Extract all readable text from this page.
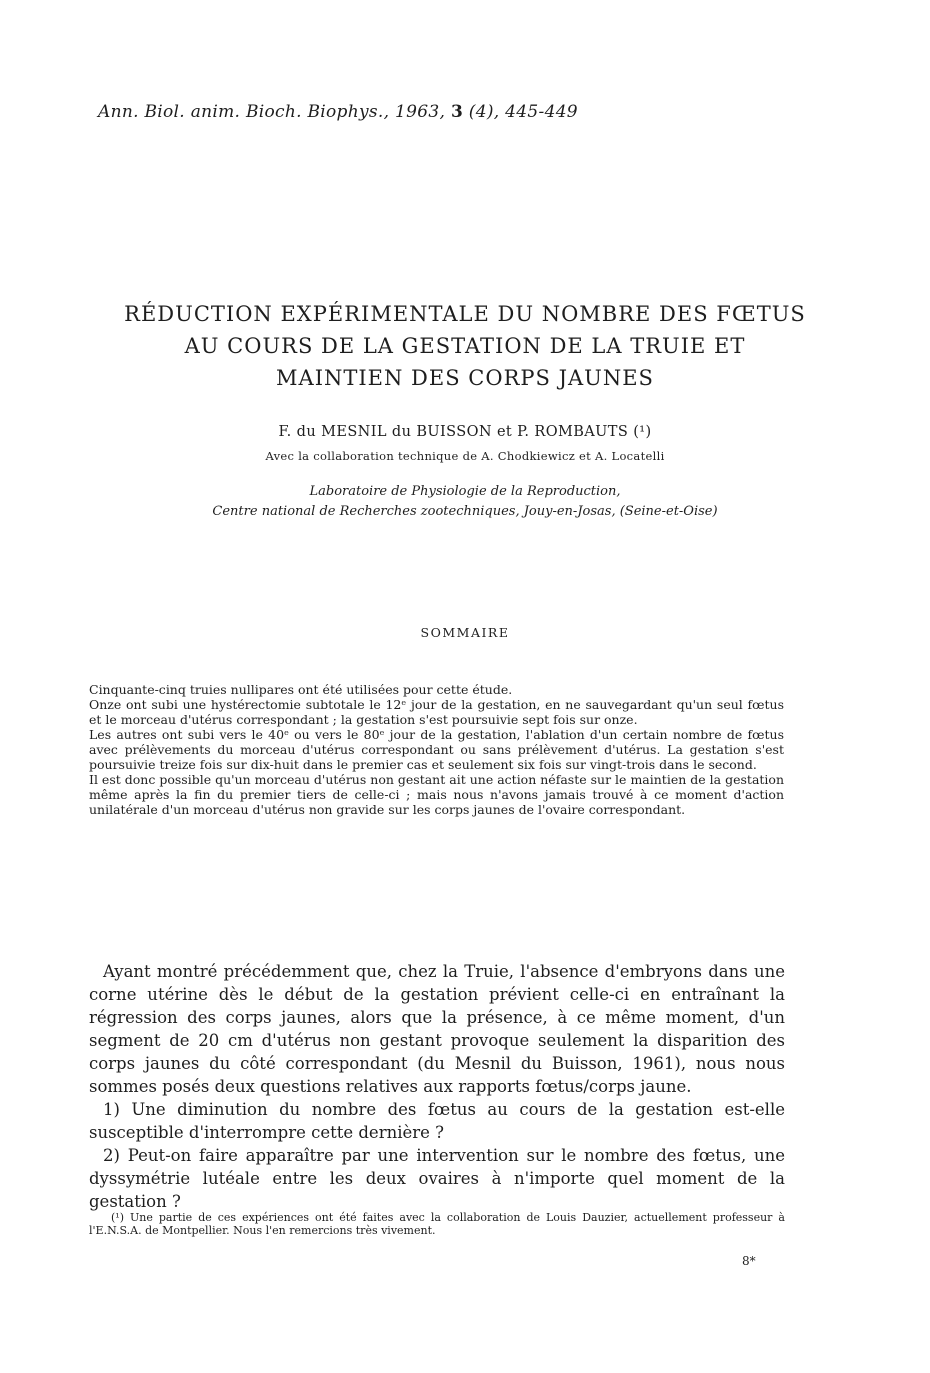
Ann. Biol. anim. Bioch. Biophys., 1963, 3 (4), 445-449
RÉDUCTION EXPÉRIMENTALE DU NOMBRE DES FŒTUS
AU COURS DE LA GESTATION DE LA TRUIE ET
MAINTIEN DES CORPS JAUNES
F. du MESNIL du BUISSON et P. ROMBAUTS (¹)
Avec la collaboration technique de A. Chodkiewicz et A. Locatelli
Laboratoire de Physiologie de la Reproduction,
Centre national de Recherches zootechniques, Jouy-en-Josas, (Seine-et-Oise)
SOMMAIRE

Cinquante-cinq truies nullipares ont été utilisées pour cette étude.

Onze ont subi une hystérectomie subtotale le 12ᵉ jour de la gestation, en ne sauvegardant qu'un seul fœtus et le morceau d'utérus correspondant ; la gestation s'est poursuivie sept fois sur onze.

Les autres ont subi vers le 40ᵉ ou vers le 80ᵉ jour de la gestation, l'ablation d'un certain nombre de fœtus avec prélèvements du morceau d'utérus correspondant ou sans prélèvement d'utérus. La gestation s'est poursuivie treize fois sur dix-huit dans le premier cas et seulement six fois sur vingt-trois dans le second.

Il est donc possible qu'un morceau d'utérus non gestant ait une action néfaste sur le maintien de la gestation même après la fin du premier tiers de celle-ci ; mais nous n'avons jamais trouvé à ce moment d'action unilatérale d'un morceau d'utérus non gravide sur les corps jaunes de l'ovaire correspondant.

Ayant montré précédemment que, chez la Truie, l'absence d'embryons dans une corne utérine dès le début de la gestation prévient celle-ci en entraînant la régression des corps jaunes, alors que la présence, à ce même moment, d'un segment de 20 cm d'utérus non gestant provoque seulement la disparition des corps jaunes du côté correspondant (du Mesnil du Buisson, 1961), nous nous sommes posés deux questions relatives aux rapports fœtus/corps jaune.

1) Une diminution du nombre des fœtus au cours de la gestation est-elle susceptible d'interrompre cette dernière ?

2) Peut-on faire apparaître par une intervention sur le nombre des fœtus, une dyssymétrie lutéale entre les deux ovaires à n'importe quel moment de la gestation ?

(¹) Une partie de ces expériences ont été faites avec la collaboration de Louis Dauzier, actuellement professeur à l'E.N.S.A. de Montpellier. Nous l'en remercions très vivement.
8*
